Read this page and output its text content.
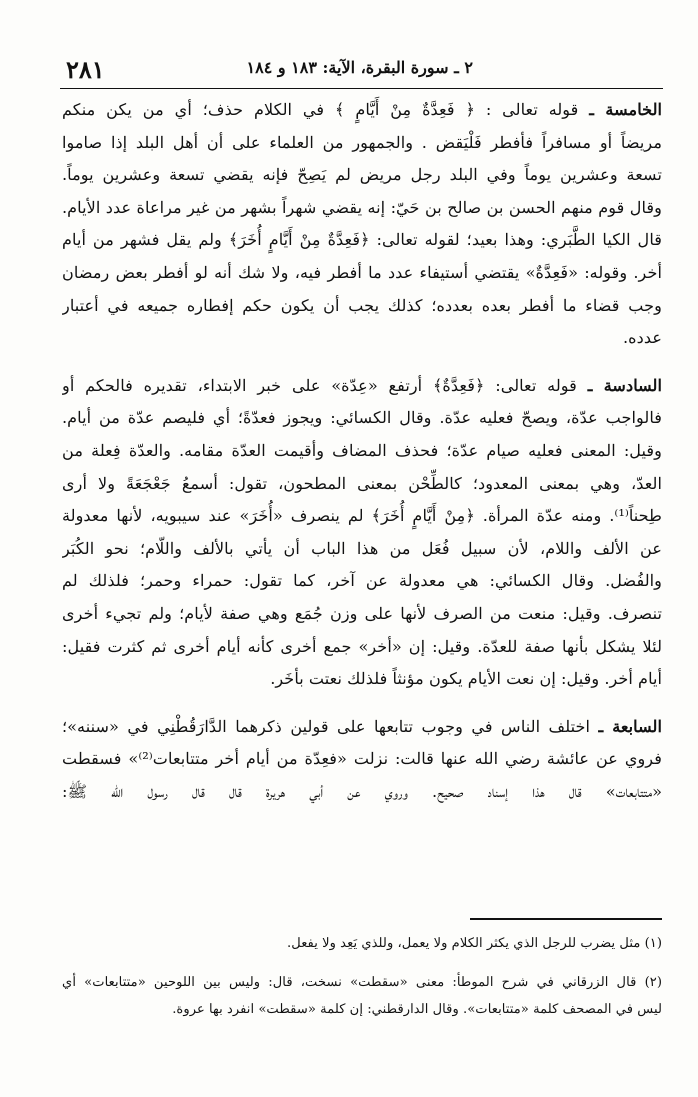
٢٨١	٢ ـ سورة البقرة، الآية: ١٨٣ و ١٨٤
الخامسة ـ قوله تعالى : ﴿ فَعِدَّةٌ مِنْ أَيَّامٍ ﴾ في الكلام حذف؛ أي من يكن منكم
مريضاً أو مسافراً فأفطر فَلْيَقض . والجمهور من العلماء على أن أهل البلد إذا صاموا
تسعة وعشرين يوماً وفي البلد رجل مريض لم يَصِحّ فإنه يقضي تسعة وعشرين يوماً.
وقال قوم منهم الحسن بن صالح بن حَيّ: إنه يقضي شهراً بشهر من غير مراعاة عدد الأيام.
قال الكيا الطَّبَري: وهذا بعيد؛ لقوله تعالى: ﴿فَعِدَّةٌ مِنْ أَيَّامٍ أُخَرَ﴾ ولم يقل فشهر من أيام
أخر. وقوله: «فَعِدَّةٌ» يقتضي أستيفاء عدد ما أفطر فيه، ولا شك أنه لو أفطر بعض رمضان
وجب قضاء ما أفطر بعده بعدده؛ كذلك يجب أن يكون حكم إفطاره جميعه في أعتبار
عدده.
السادسة ـ قوله تعالى: ﴿فَعِدَّةٌ﴾ أرتفع «عِدّة» على خبر الابتداء، تقديره فالحكم أو
فالواجب عدّة، ويصحّ فعليه عدّة. وقال الكسائي: ويجوز فعدّةً؛ أي فليصم عدّة من أيام.
وقيل: المعنى فعليه صيام عدّة؛ فحذف المضاف وأقيمت العدّة مقامه. والعدّة فِعلة من
العدّ، وهي بمعنى المعدود؛ كالطِّحْن بمعنى المطحون، تقول: أسمعُ جَعْجَعَةً ولا أرى
طِحناً⁽¹⁾. ومنه عدّة المرأة. ﴿مِنْ أَيَّامٍ أُخَرَ﴾ لم ينصرف «أُخَرَ» عند سيبويه، لأنها معدولة
عن الألف واللام، لأن سبيل فُعَل من هذا الباب أن يأتي بالألف واللّام؛ نحو الكُبَر
والفُضل. وقال الكسائي: هي معدولة عن آخر، كما تقول: حمراء وحمر؛ فلذلك لم
تنصرف. وقيل: منعت من الصرف لأنها على وزن جُمَع وهي صفة لأيام؛ ولم تجيء أخرى
لئلا يشكل بأنها صفة للعدّة. وقيل: إن «أخر» جمع أخرى كأنه أيام أخرى ثم كثرت فقيل:
أيام أخر. وقيل: إن نعت الأيام يكون مؤنثاً فلذلك نعتت بأخَر.
السابعة ـ اختلف الناس في وجوب تتابعها على قولين ذكرهما الدَّارَقُطْنِي في «سننه»؛
فروي عن عائشة رضي الله عنها قالت: نزلت «فعِدّة من أيام أخر متتابعات⁽²⁾» فسقطت
«متتابعات» قال هذا إسناد صحيح. وروي عن أبي هريرة قال قال رسول الله ﷺ:
(١) مثل يضرب للرجل الذي يكثر الكلام ولا يعمل، وللذي يَعِد ولا يفعل.
(٢) قال الزرقاني في شرح الموطأ: معنى «سقطت» نسخت، قال: وليس بين اللوحين «متتابعات» أي
ليس في المصحف كلمة «متتابعات». وقال الدارقطني: إن كلمة «سقطت» انفرد بها عروة.
